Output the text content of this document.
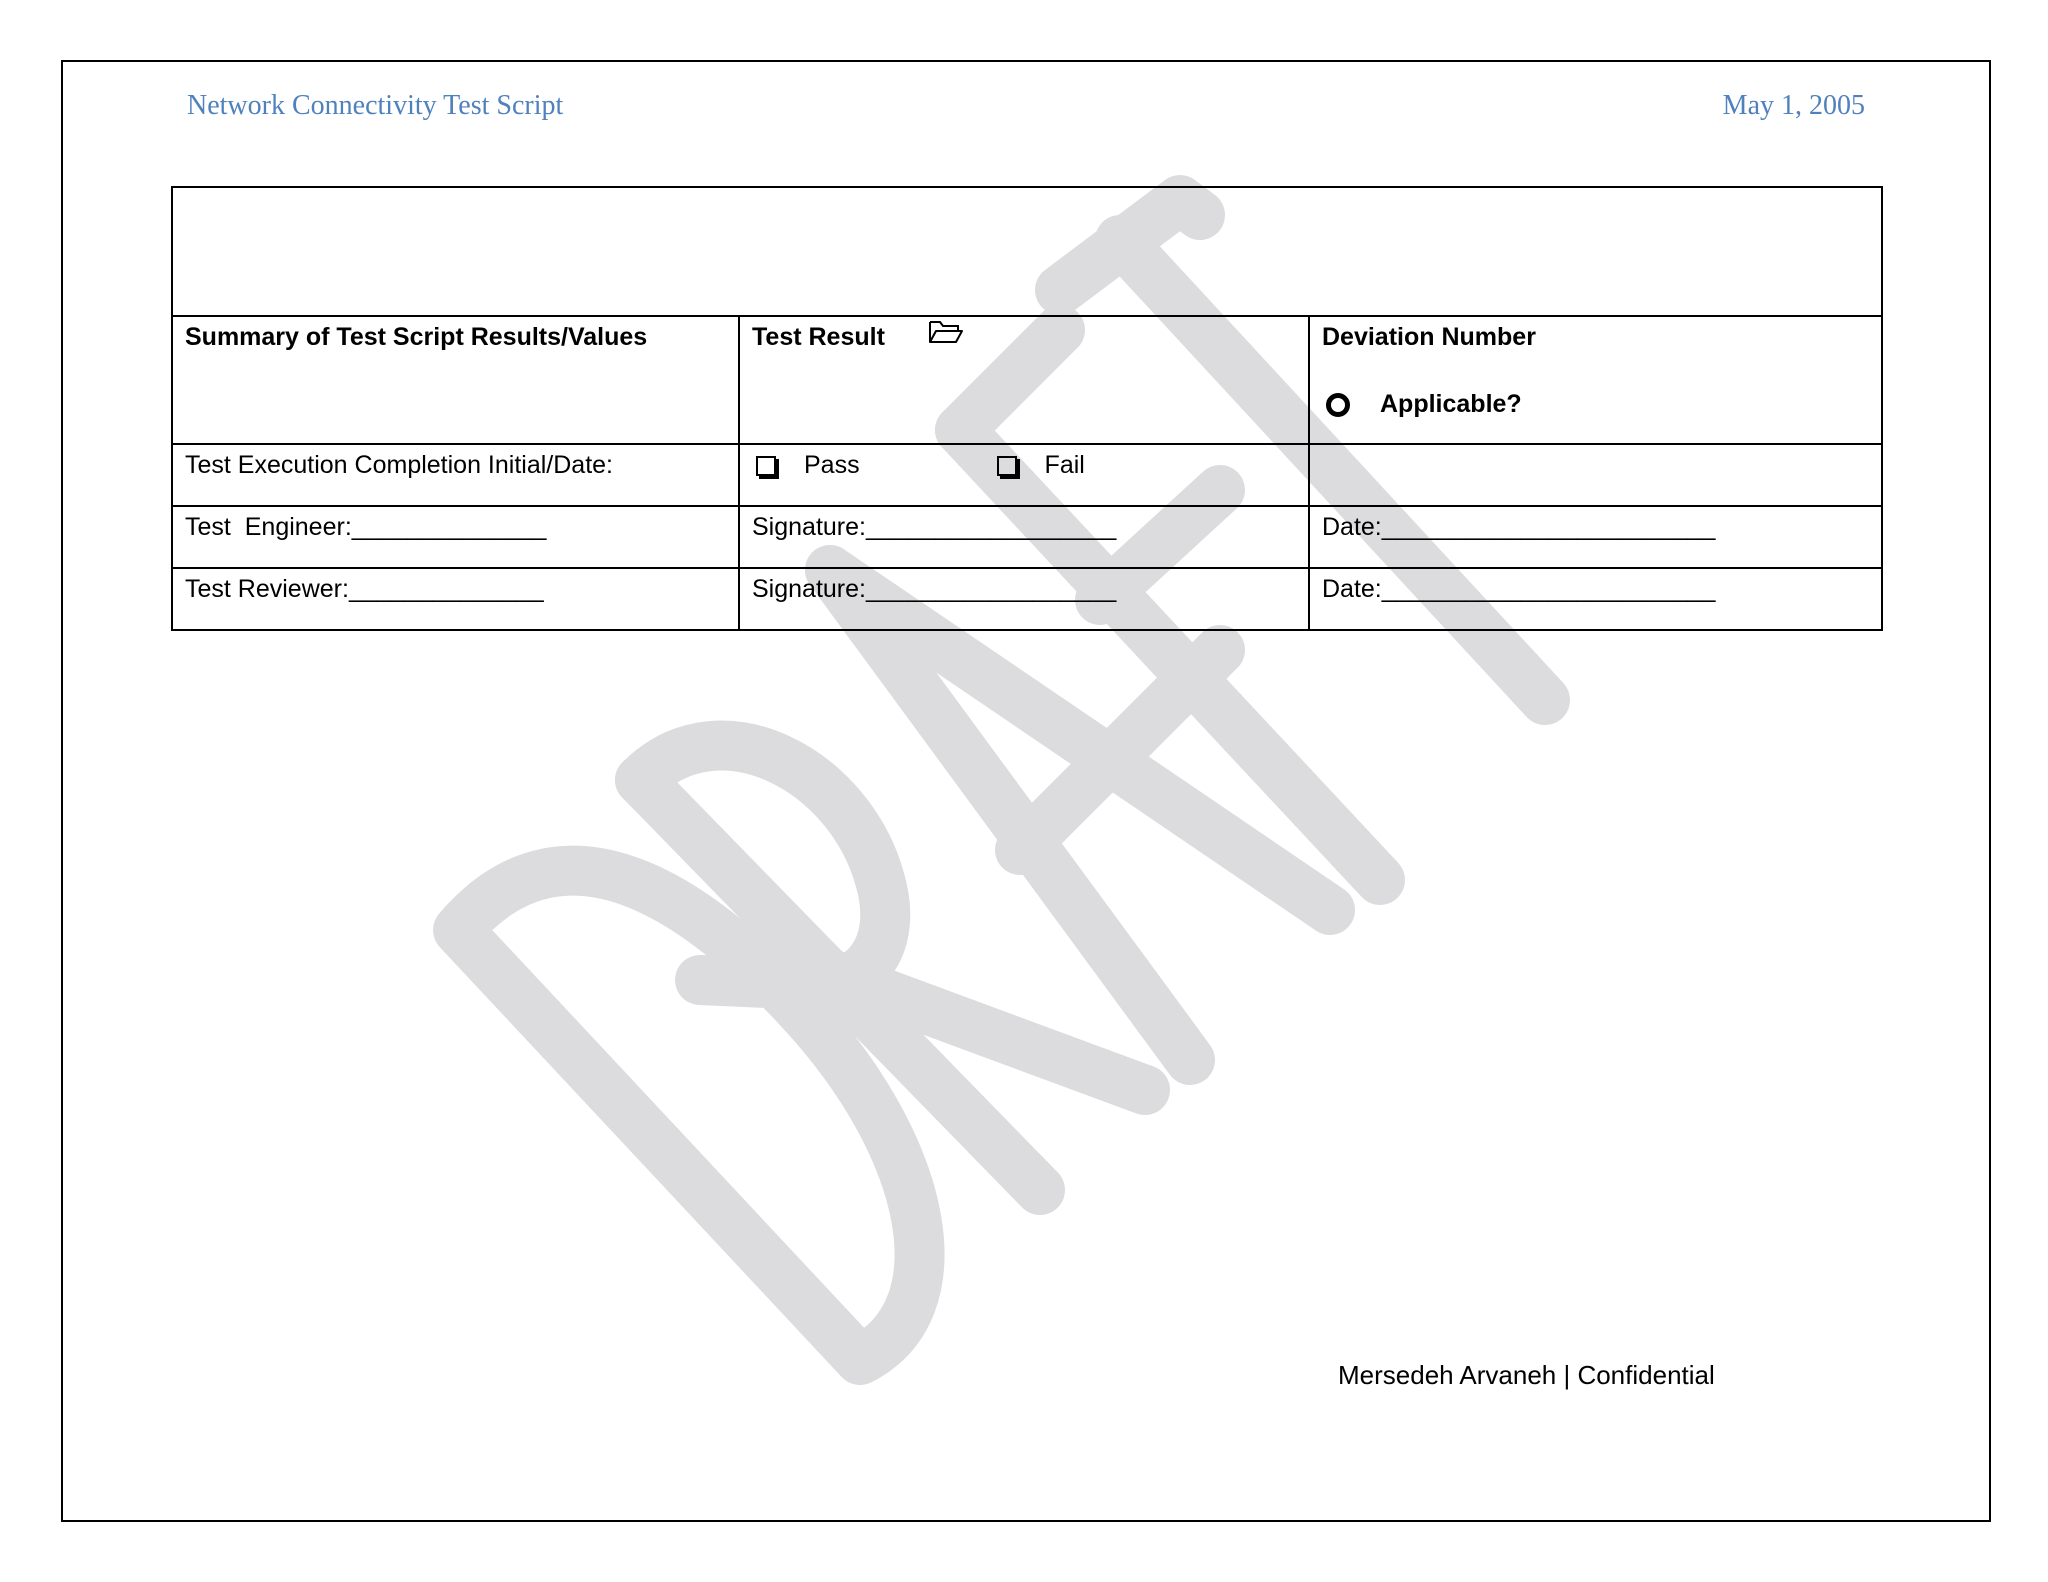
Network Connectivity Test Script	May 1, 2005

Summary of Test Script Results/Values	Test Result	Deviation Number
Applicable?

Test Execution Completion Initial/Date:	Pass Fail	
Test  Engineer:______________	Signature:__________________	Date:________________________
Test Reviewer:______________	Signature:__________________	Date:________________________
Mersedeh Arvaneh | Confidential
